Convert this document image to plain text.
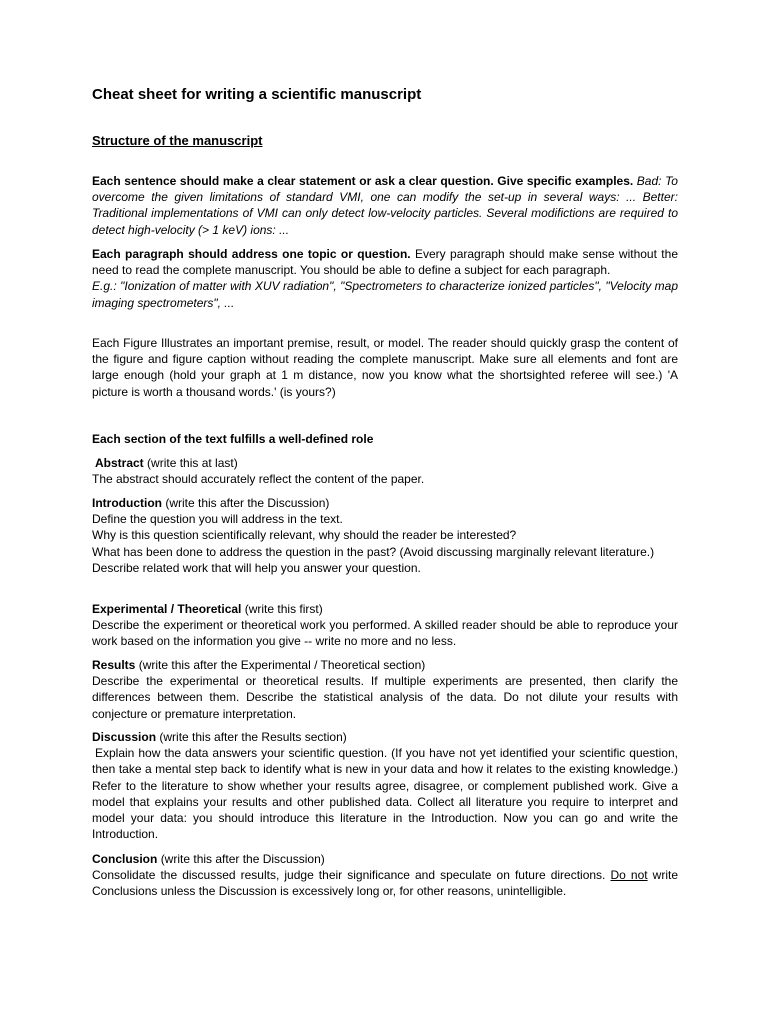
Cheat sheet for writing a scientific manuscript
Structure of the manuscript
Each sentence should make a clear statement or ask a clear question. Give specific examples. Bad: To overcome the given limitations of standard VMI, one can modify the set-up in several ways: ... Better: Traditional implementations of VMI can only detect low-velocity particles. Several modifictions are required to detect high-velocity (> 1 keV) ions: ...
Each paragraph should address one topic or question. Every paragraph should make sense without the need to read the complete manuscript. You should be able to define a subject for each paragraph.
E.g.: "Ionization of matter with XUV radiation", "Spectrometers to characterize ionized particles", "Velocity map imaging spectrometers", ...
Each Figure Illustrates an important premise, result, or model. The reader should quickly grasp the content of the figure and figure caption without reading the complete manuscript. Make sure all elements and font are large enough (hold your graph at 1 m distance, now you know what the shortsighted referee will see.) 'A picture is worth a thousand words.' (is yours?)
Each section of the text fulfills a well-defined role
Abstract (write this at last)
The abstract should accurately reflect the content of the paper.
Introduction (write this after the Discussion)
Define the question you will address in the text.
Why is this question scientifically relevant, why should the reader be interested?
What has been done to address the question in the past? (Avoid discussing marginally relevant literature.)
Describe related work that will help you answer your question.
Experimental / Theoretical (write this first)
Describe the experiment or theoretical work you performed. A skilled reader should be able to reproduce your work based on the information you give -- write no more and no less.
Results (write this after the Experimental / Theoretical section)
Describe the experimental or theoretical results. If multiple experiments are presented, then clarify the differences between them. Describe the statistical analysis of the data. Do not dilute your results with conjecture or premature interpretation.
Discussion (write this after the Results section)
Explain how the data answers your scientific question. (If you have not yet identified your scientific question, then take a mental step back to identify what is new in your data and how it relates to the existing knowledge.) Refer to the literature to show whether your results agree, disagree, or complement published work. Give a model that explains your results and other published data. Collect all literature you require to interpret and model your data: you should introduce this literature in the Introduction. Now you can go and write the Introduction.
Conclusion (write this after the Discussion)
Consolidate the discussed results, judge their significance and speculate on future directions. Do not write Conclusions unless the Discussion is excessively long or, for other reasons, unintelligible.
